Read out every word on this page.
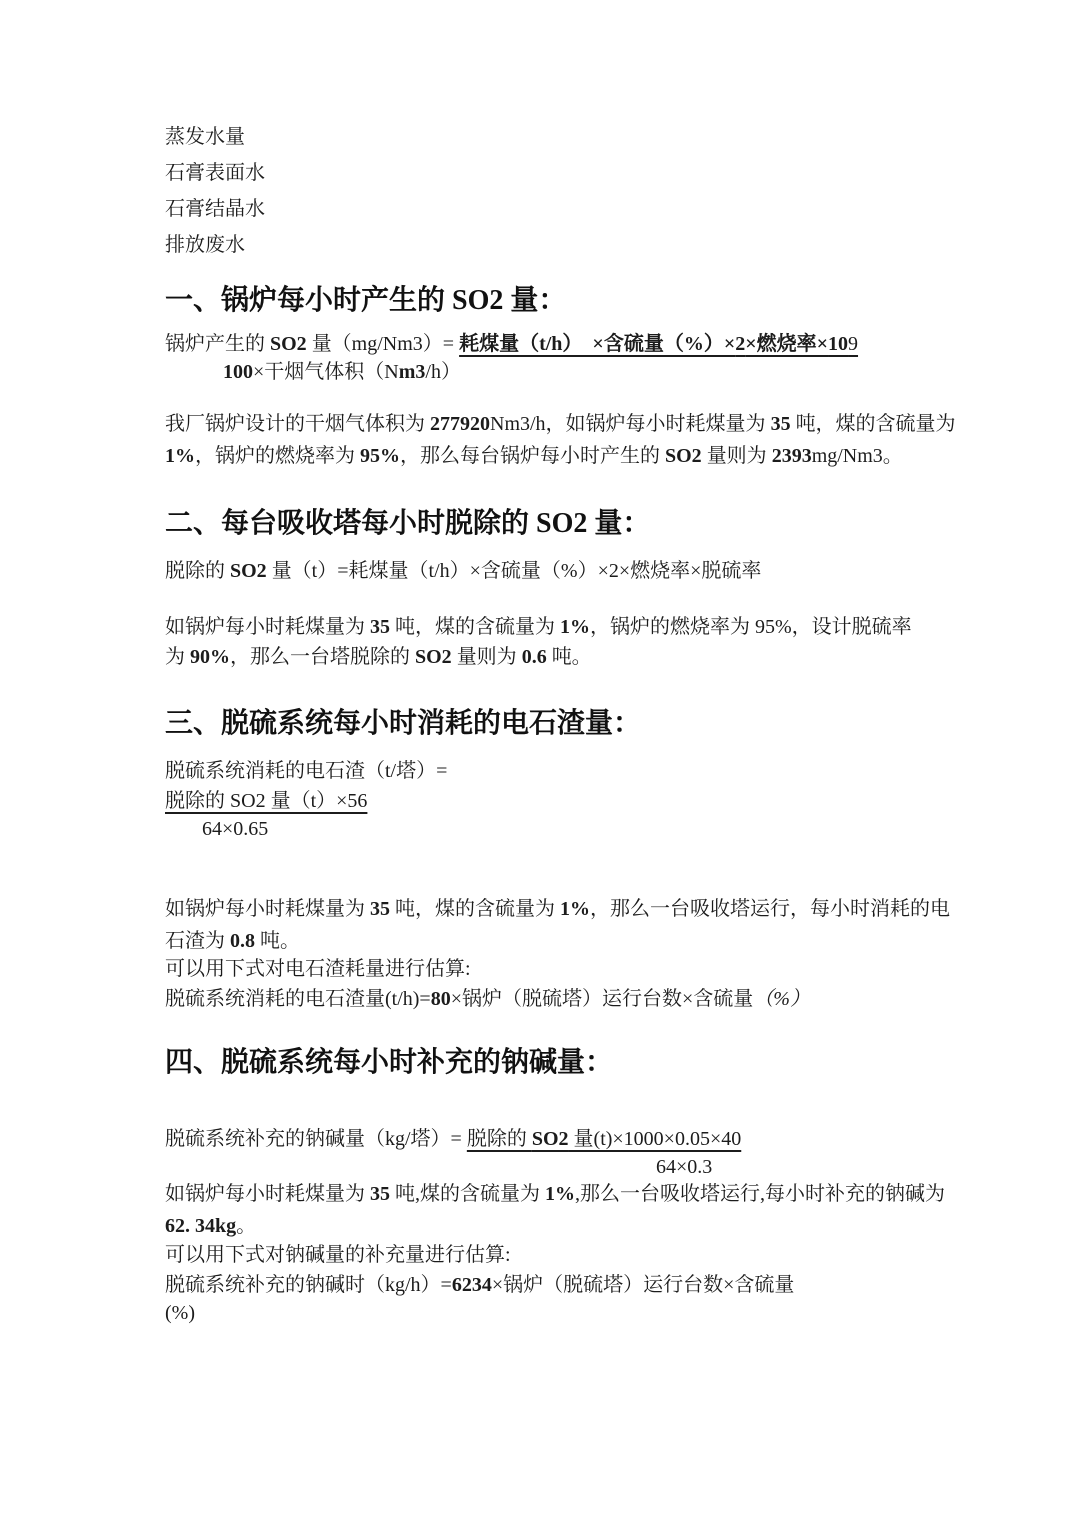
蒸发水量
石膏表面水
石膏结晶水
排放废水
一、锅炉每小时产生的 SO2 量：
锅炉产生的 SO2 量（mg/Nm3）= 耗煤量（t/h）  ×含硫量（%）×2×燃烧率×109
100×干烟气体积（Nm3/h）
我厂锅炉设计的干烟气体积为 277920Nm3/h，如锅炉每小时耗煤量为 35 吨，煤的含硫量为
1%，锅炉的燃烧率为 95%，那么每台锅炉每小时产生的 SO2 量则为 2393mg/Nm3。
二、每台吸收塔每小时脱除的 SO2 量：
脱除的 SO2 量（t）=耗煤量（t/h）×含硫量（%）×2×燃烧率×脱硫率
如锅炉每小时耗煤量为 35 吨，煤的含硫量为 1%，锅炉的燃烧率为 95%，设计脱硫率
为 90%，那么一台塔脱除的 SO2 量则为 0.6 吨。
三、脱硫系统每小时消耗的电石渣量：
脱硫系统消耗的电石渣（t/塔）=
脱除的 SO2 量（t）×56
64×0.65
如锅炉每小时耗煤量为 35 吨，煤的含硫量为 1%，那么一台吸收塔运行，每小时消耗的电
石渣为 0.8 吨。
可以用下式对电石渣耗量进行估算:
脱硫系统消耗的电石渣量(t/h)=80×锅炉（脱硫塔）运行台数×含硫量（%）
四、脱硫系统每小时补充的钠碱量：
脱硫系统补充的钠碱量（kg/塔）= 脱除的 SO2 量(t)×1000×0.05×40
64×0.3
如锅炉每小时耗煤量为 35 吨,煤的含硫量为 1%,那么一台吸收塔运行,每小时补充的钠碱为
62. 34kg。
可以用下式对钠碱量的补充量进行估算:
脱硫系统补充的钠碱时（kg/h）=6234×锅炉（脱硫塔）运行台数×含硫量
(%)
